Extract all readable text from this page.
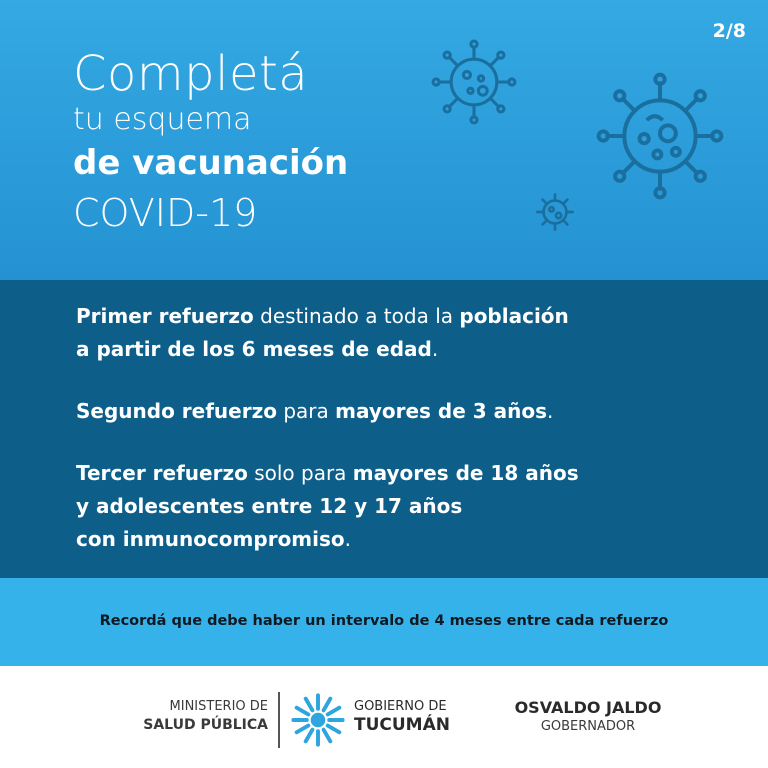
2/8
Completá
tu esquema
de vacunación
COVID-19
Primer refuerzo destinado a toda la población
a partir de los 6 meses de edad.
Segundo refuerzo para mayores de 3 años.
Tercer refuerzo solo para mayores de 18 años
y adolescentes entre 12 y 17 años
con inmunocompromiso.
Recordá que debe haber un intervalo de 4 meses entre cada refuerzo
MINISTERIO DE
SALUD PÚBLICA
GOBIERNO DE
TUCUMÁN
OSVALDO JALDO
GOBERNADOR
